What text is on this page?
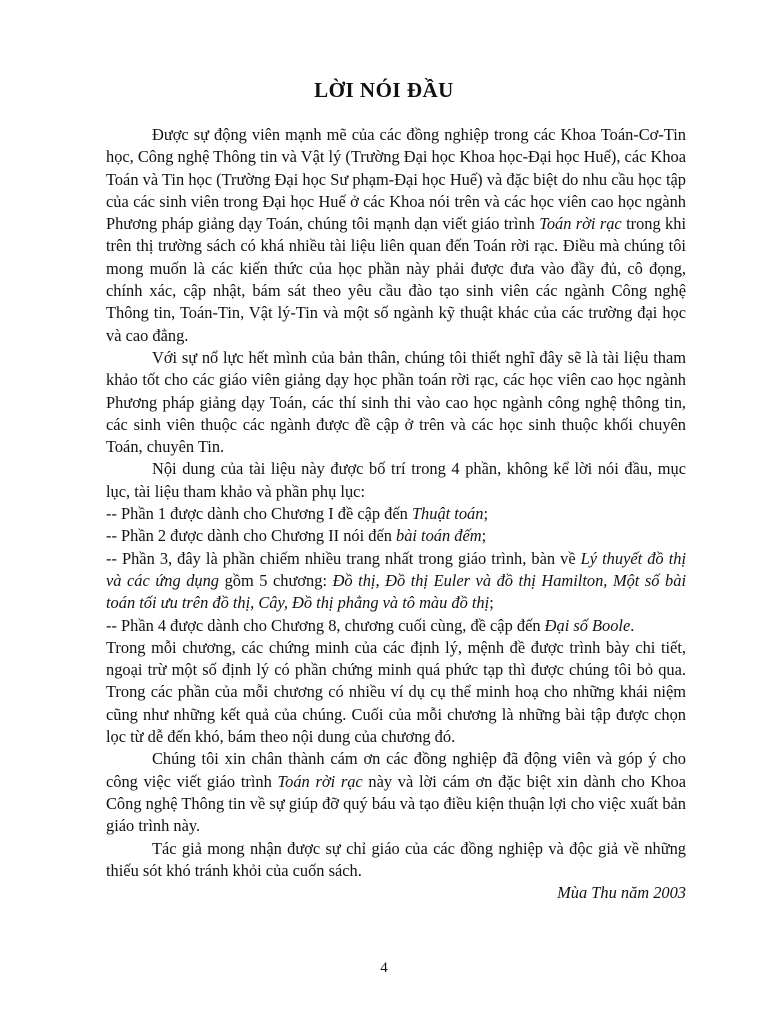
LỜI NÓI ĐẦU

Được sự động viên mạnh mẽ của các đồng nghiệp trong các Khoa Toán-Cơ-Tin học, Công nghệ Thông tin và Vật lý (Trường Đại học Khoa học-Đại học Huế), các Khoa Toán và Tin học (Trường Đại học Sư phạm-Đại học Huế) và đặc biệt do nhu cầu học tập của các sinh viên trong Đại học Huế ở các Khoa nói trên và các học viên cao học ngành Phương pháp giảng dạy Toán, chúng tôi mạnh dạn viết giáo trình Toán rời rạc trong khi trên thị trường sách có khá nhiều tài liệu liên quan đến Toán rời rạc. Điều mà chúng tôi mong muốn là các kiến thức của học phần này phải được đưa vào đầy đủ, cô đọng, chính xác, cập nhật, bám sát theo yêu cầu đào tạo sinh viên các ngành Công nghệ Thông tin, Toán-Tin, Vật lý-Tin và một số ngành kỹ thuật khác của các trường đại học và cao đẳng.

Với sự nổ lực hết mình của bản thân, chúng tôi thiết nghĩ đây sẽ là tài liệu tham khảo tốt cho các giáo viên giảng dạy học phần toán rời rạc, các học viên cao học ngành Phương pháp giảng dạy Toán, các thí sinh thi vào cao học ngành công nghệ thông tin, các sinh viên thuộc các ngành được đề cập ở trên và các học sinh thuộc khối chuyên Toán, chuyên Tin.

Nội dung của tài liệu này được bố trí trong 4 phần, không kể lời nói đầu, mục lục, tài liệu tham khảo và phần phụ lục:

-- Phần 1 được dành cho Chương I đề cập đến Thuật toán;

-- Phần 2 được dành cho Chương II nói đến bài toán đếm;

-- Phần 3, đây là phần chiếm nhiều trang nhất trong giáo trình, bàn về Lý thuyết đồ thị và các ứng dụng gồm 5 chương: Đồ thị, Đồ thị Euler và đồ thị Hamilton, Một số bài toán tối ưu trên đồ thị, Cây, Đồ thị phẳng và tô màu đồ thị;

-- Phần 4 được dành cho Chương 8, chương cuối cùng, đề cập đến Đại số Boole.

Trong mỗi chương, các chứng minh của các định lý, mệnh đề được trình bày chi tiết, ngoại trừ một số định lý có phần chứng minh quá phức tạp thì được chúng tôi bỏ qua. Trong các phần của mỗi chương có nhiều ví dụ cụ thể minh hoạ cho những khái niệm cũng như những kết quả của chúng. Cuối của mỗi chương là những bài tập được chọn lọc từ dễ đến khó, bám theo nội dung của chương đó.

Chúng tôi xin chân thành cám ơn các đồng nghiệp đã động viên và góp ý cho công việc viết giáo trình Toán rời rạc này và lời cám ơn đặc biệt xin dành cho Khoa Công nghệ Thông tin về sự giúp đỡ quý báu và tạo điều kiện thuận lợi cho việc xuất bản giáo trình này.

Tác giả mong nhận được sự chỉ giáo của các đồng nghiệp và độc giả về những thiếu sót khó tránh khỏi của cuốn sách.

Mùa Thu năm 2003

4
